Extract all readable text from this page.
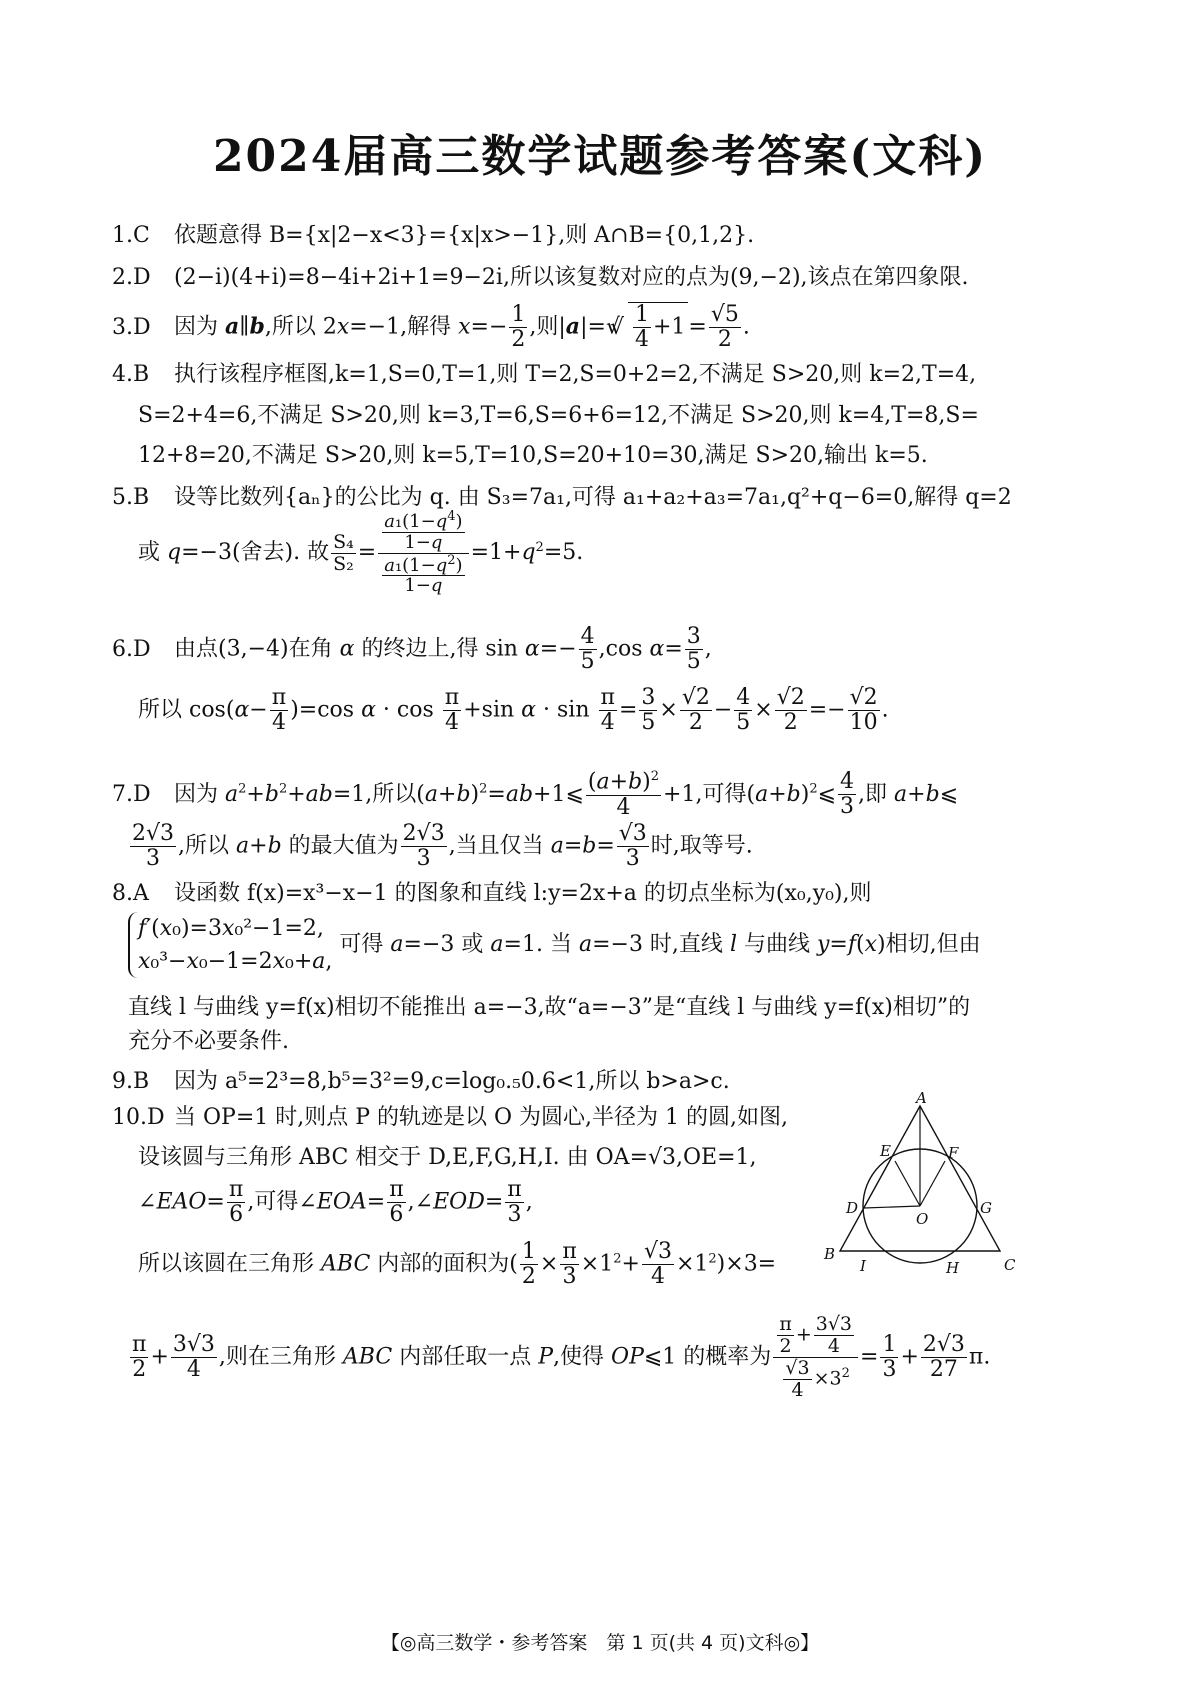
2024届高三数学试题参考答案(文科)
1.C 依题意得 B={x|2−x<3}={x|x>−1},则 A∩B={0,1,2}.
2.D (2−i)(4+i)=8−4i+2i+1=9−2i,所以该复数对应的点为(9,−2),该点在第四象限.
3.D 因为 a∥b,所以 2x=−1,解得 $x=- \frac{1}{2}$ ,则$|a|=√√ \frac{1}{4} +1 = \frac{√5}{2}$ .
4.B 执行该程序框图,k=1,S=0,T=1,则 T=2,S=0+2=2,不满足 S>20,则 k=2,T=4,
S=2+4=6,不满足 S>20,则 k=3,T=6,S=6+6=12,不满足 S>20,则 k=4,T=8,S=
12+8=20,不满足 S>20,则 k=5,T=10,S=20+10=30,满足 S>20,输出 k=5.
5.B 设等比数列{aₙ}的公比为 q. 由 S₃=7a₁,可得 a₁+a₂+a₃=7a₁,q²+q−6=0,解得 q=2
或 q=−3(舍去). 故 $\frac{\text{S₄}}{\text{S₂}} = \frac{\frac{a_1(1-q^4)}{1-q}}{\frac{a_1(1-q^2)}{1-q}} =1+q^2=5$.
6.D 由点(3,−4)在角 α 的终边上,得 $\sin \alpha=- \frac{4}{5} ,\cos$ $\alpha= \frac{3}{5}$ ,
所以 $\cos(\alpha- \frac{\pi}{4} )=\cos$ $\alpha \cdot \cos \frac{\pi}{4} +\sin$ $\alpha \cdot \sin \frac{\pi}{4} = \frac{3}{5} \times \frac{√2}{2} - \frac{4}{5} \times \frac{√2}{2} =- \frac{√2}{10}$ .
7.D 因为 $a^2+b^2+ab=1$,所以$(a+b)^2=ab+1⩽ \frac{(a+b)^2}{4} +1$,可得$(a+b)^2⩽ \frac{4}{3}$ ,即 a+b⩽
$\frac{2√3}{3}$ ,所以 a+b 的最大值为 $\frac{2√3}{3}$ ,当且仅当 $a=b= \frac{√3}{3}$ 时,取等号.
8.A 设函数 f(x)=x³−x−1 的图象和直线 l:y=2x+a 的切点坐标为(x₀,y₀),则
f′(x₀)=3x₀²−1=2,
x₀³−x₀−1=2x₀+a,
可得 a=−3 或 a=1. 当 a=−3 时,直线 l 与曲线 y=f(x)相切,但由
直线 l 与曲线 y=f(x)相切不能推出 a=−3,故“a=−3”是“直线 l 与曲线 y=f(x)相切”的
充分不必要条件.
9.B 因为 a⁵=2³=8,b⁵=3²=9,c=log₀.₅0.6<1,所以 b>a>c.
10.D 当 OP=1 时,则点 P 的轨迹是以 O 为圆心,半径为 1 的圆,如图,
设该圆与三角形 ABC 相交于 D,E,F,G,H,I. 由 OA=√3,OE=1,
∠EAO= $\frac{\pi}{6}$ ,可得∠EOA= $\frac{\pi}{6}$ ,∠EOD= $\frac{\pi}{3}$ ,
所以该圆在三角形 ABC 内部的面积为( $\frac{1}{2} \times \frac{\pi}{3} \times 1^2+ \frac{√3}{4} \times 1^2)\times 3=$
$\frac{\pi}{2} + \frac{3√3}{4}$ ,则在三角形 ABC 内部任取一点 P,使得 OP⩽1 的概率为 $\frac{\frac{\pi}{2} + \frac{3√3}{4}}{\frac{√3}{4} \times 3^2} = \frac{1}{3} + \frac{2√3}{27} \pi$.
A
E	F
D
O
G
B
I	H	C
【◎高三数学・参考答案　第 1 页(共 4 页)文科◎】
